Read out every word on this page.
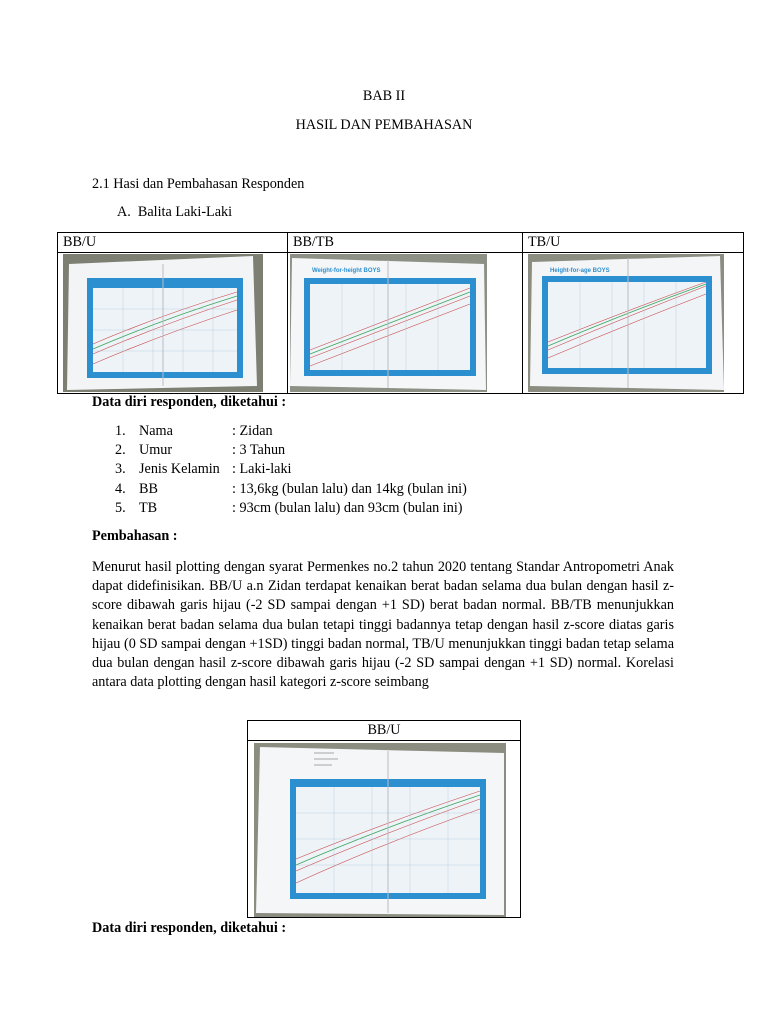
BAB II
HASIL DAN PEMBAHASAN
2.1 Hasi dan Pembahasan Responden
A.  Balita Laki-Laki
BB/U	BB/TB	TB/U

Weight-for-height BOYS	Height-for-age BOYS
Data diri responden, diketahui :
1. Nama	: Zidan
2. Umur	: 3 Tahun
3. Jenis Kelamin : Laki-laki
4. BB	: 13,6kg (bulan lalu) dan 14kg (bulan ini)
5. TB	: 93cm (bulan lalu) dan 93cm (bulan ini)
Pembahasan :
Menurut hasil plotting dengan syarat Permenkes no.2 tahun 2020 tentang Standar Antropometri Anak dapat didefinisikan. BB/U a.n Zidan terdapat kenaikan berat badan selama dua bulan dengan hasil z-score dibawah garis hijau (-2 SD sampai dengan +1 SD) berat badan normal. BB/TB menunjukkan kenaikan berat badan selama dua bulan tetapi tinggi badannya tetap dengan hasil z-score diatas garis hijau (0 SD sampai dengan +1SD) tinggi badan normal, TB/U menunjukkan tinggi badan tetap selama dua bulan dengan hasil z-score dibawah garis hijau (-2 SD sampai dengan +1 SD) normal. Korelasi antara data plotting dengan hasil kategori z-score seimbang
BB/U

Data diri responden, diketahui :
